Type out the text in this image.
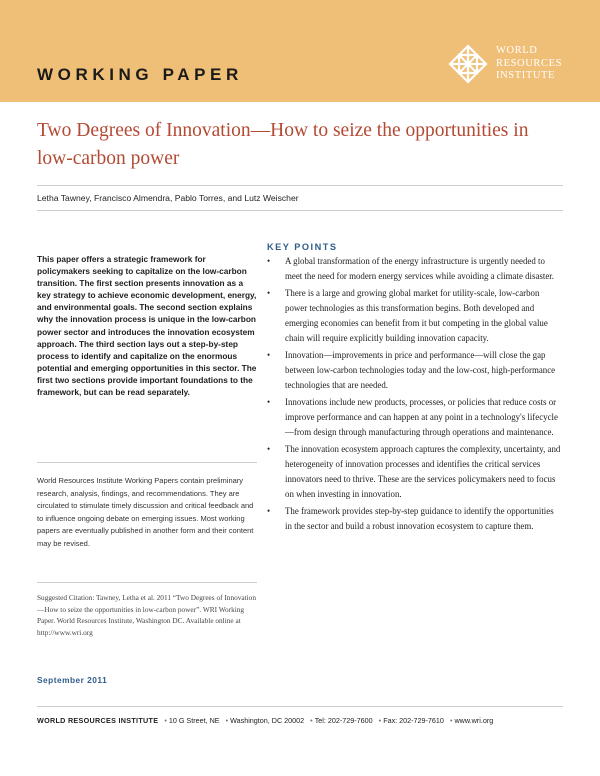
WORKING PAPER
WORLD
RESOURCES
INSTITUTE
Two Degrees of Innovation—How to seize the opportunities in low-carbon power
Letha Tawney, Francisco Almendra, Pablo Torres, and Lutz Weischer
This paper offers a strategic framework for policymakers seeking to capitalize on the low-carbon transition. The first section presents innovation as a key strategy to achieve economic development, energy, and environmental goals. The second section explains why the innovation process is unique in the low-carbon power sector and introduces the innovation ecosystem approach. The third section lays out a step-by-step process to identify and capitalize on the enormous potential and emerging opportunities in this sector. The first two sections provide important foundations to the framework, but can be read separately.
World Resources Institute Working Papers contain preliminary research, analysis, findings, and recommendations. They are circulated to stimulate timely discussion and critical feedback and to influence ongoing debate on emerging issues. Most working papers are eventually published in another form and their content may be revised.
Suggested Citation: Tawney, Letha et al. 2011 “Two Degrees of Innovation—How to seize the opportunities in low-carbon power”. WRI Working Paper. World Resources Institute, Washington DC. Available online at http://www.wri.org
KEY POINTS
• A global transformation of the energy infrastructure is urgently needed to meet the need for modern energy services while avoiding a climate disaster.
• There is a large and growing global market for utility-scale, low-carbon power technologies as this transformation begins. Both developed and emerging economies can benefit from it but competing in the global value chain will require explicitly building innovation capacity.
• Innovation—improvements in price and performance—will close the gap between low-carbon technologies today and the low-cost, high-performance technologies that are needed.
• Innovations include new products, processes, or policies that reduce costs or improve performance and can happen at any point in a technology's lifecycle—from design through manufacturing through operations and maintenance.
• The innovation ecosystem approach captures the complexity, uncertainty, and heterogeneity of innovation processes and identifies the critical services innovators need to thrive. These are the services policymakers need to focus on when investing in innovation.
• The framework provides step-by-step guidance to identify the opportunities in the sector and build a robust innovation ecosystem to capture them.
September 2011
WORLD RESOURCES INSTITUTE • 10 G Street, NE • Washington, DC 20002 • Tel: 202-729-7600 • Fax: 202-729-7610 • www.wri.org
